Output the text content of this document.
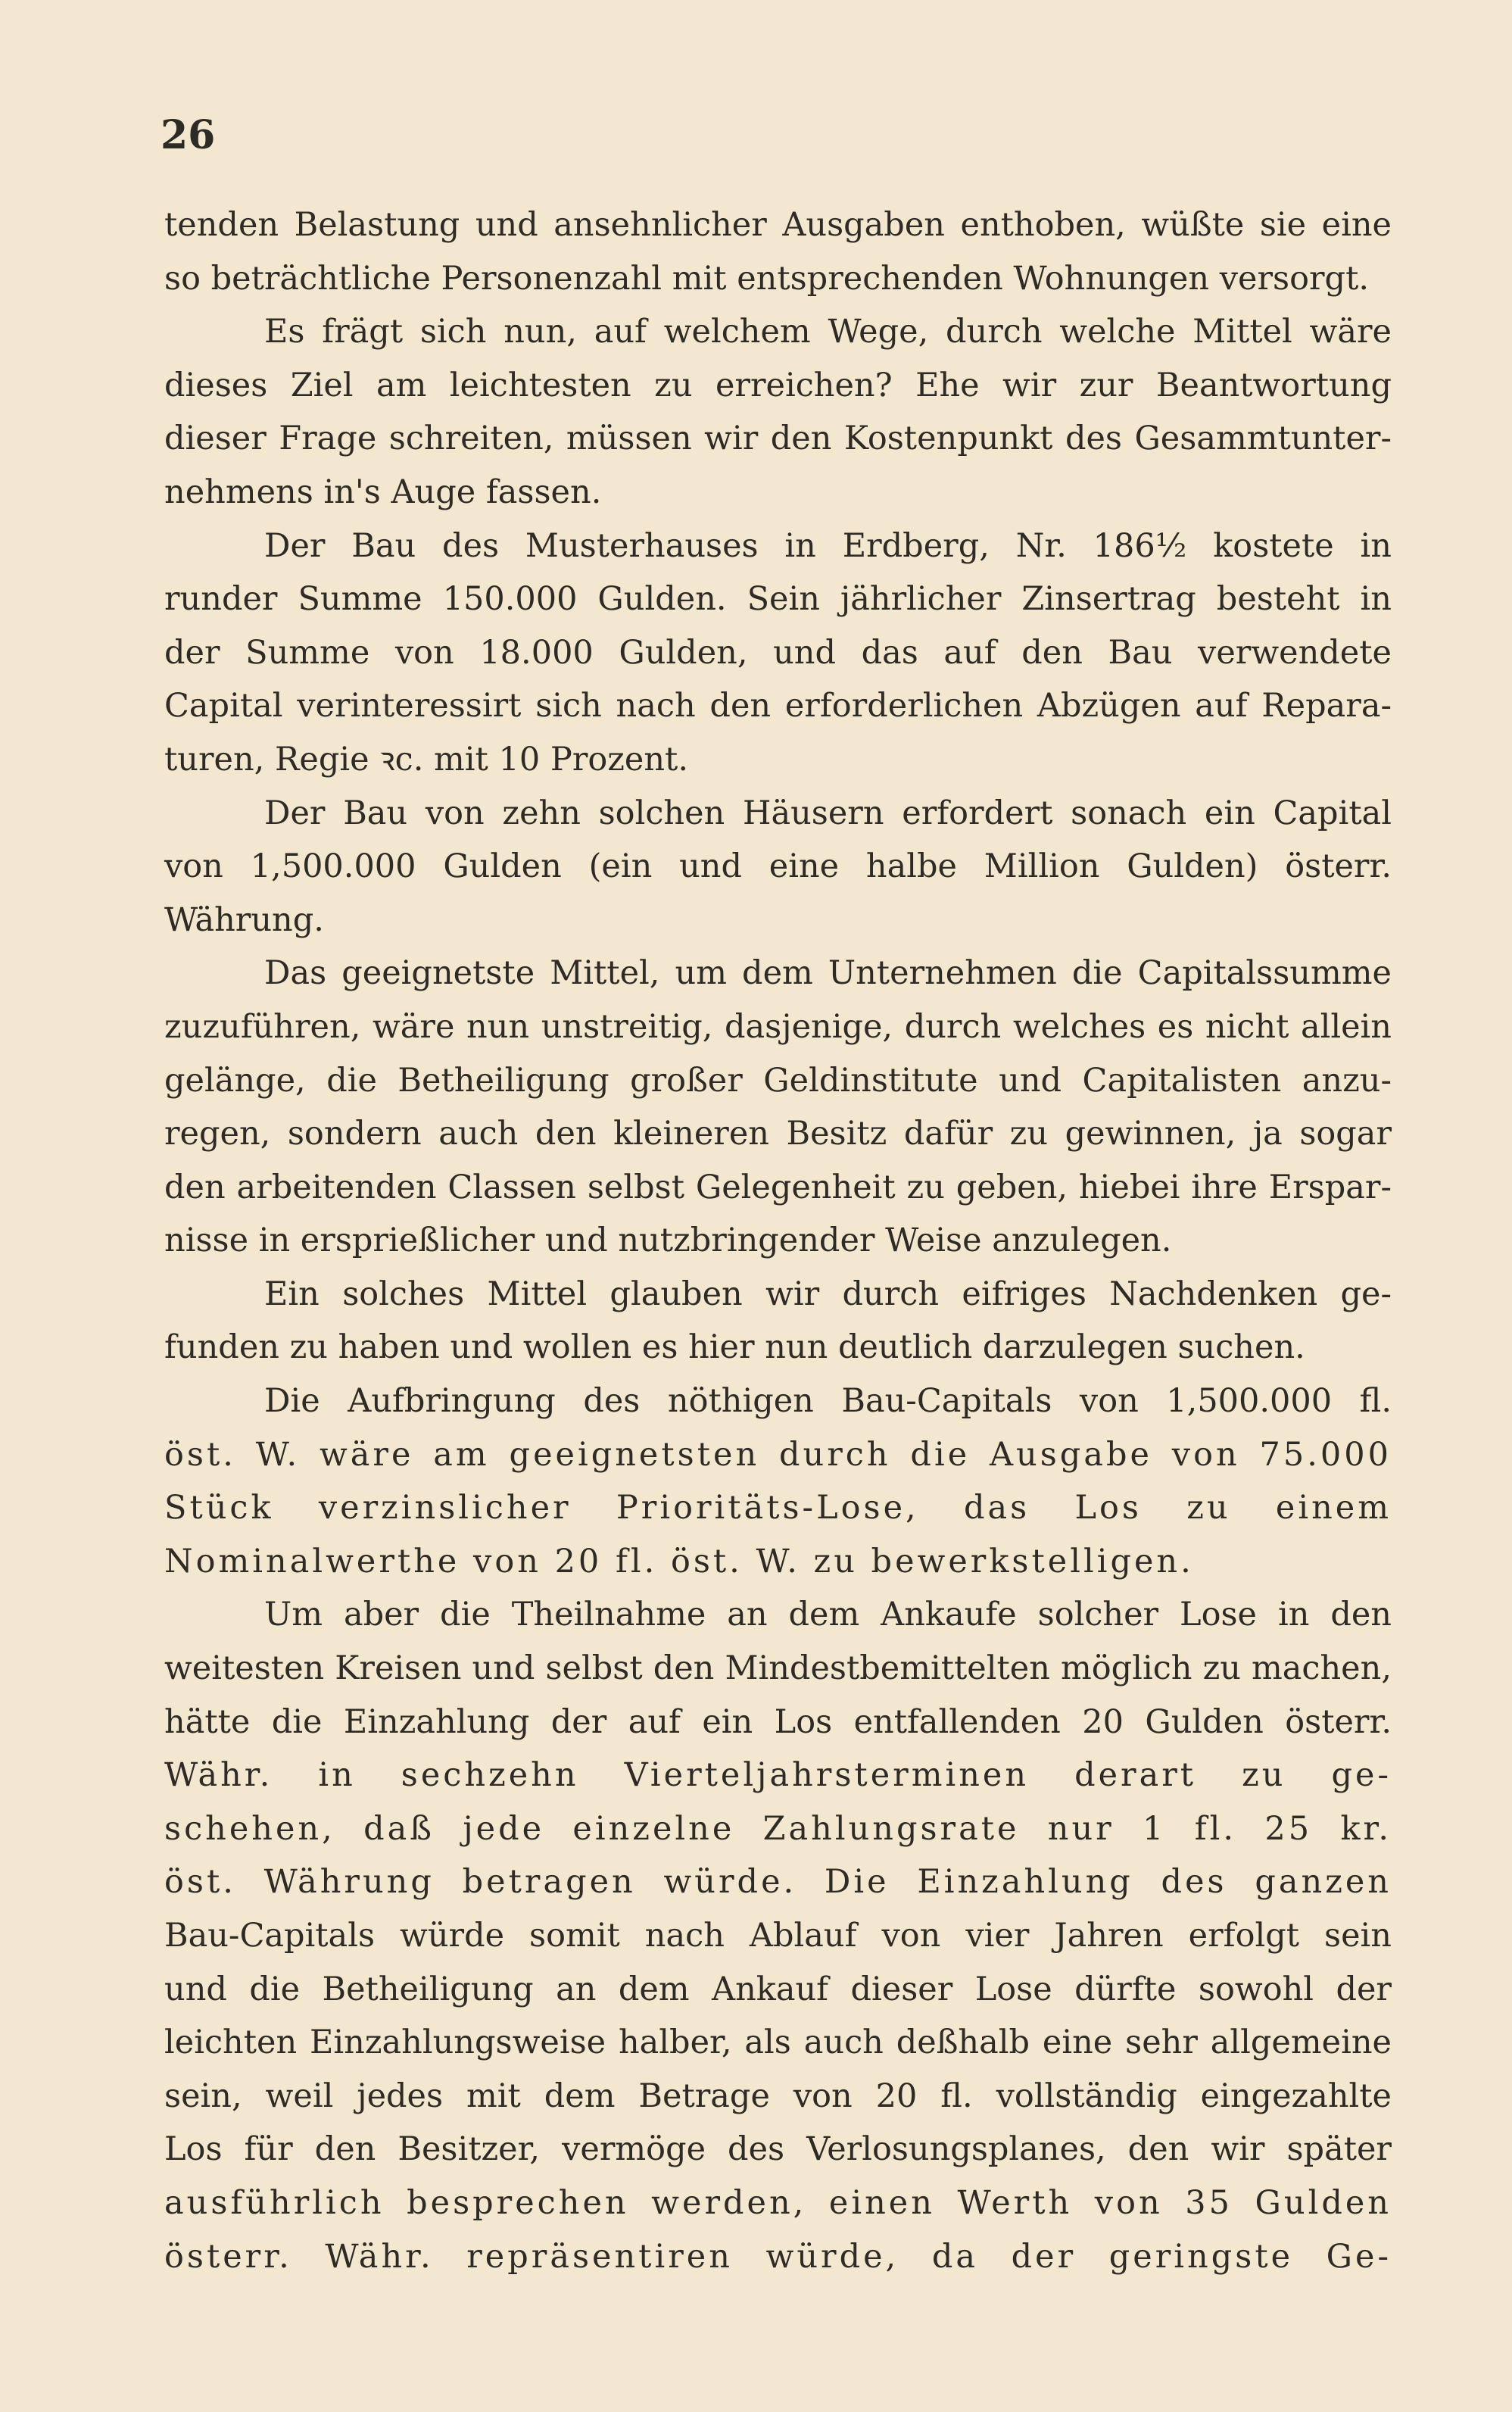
26
tenden Belastung und ansehnlicher Ausgaben enthoben, wüßte sie eine
so beträchtliche Personenzahl mit entsprechenden Wohnungen versorgt.
Es frägt sich nun, auf welchem Wege, durch welche Mittel wäre
dieses Ziel am leichtesten zu erreichen? Ehe wir zur Beantwortung
dieser Frage schreiten, müssen wir den Kostenpunkt des Gesammtunter-
nehmens in's Auge fassen.
Der Bau des Musterhauses in Erdberg, Nr. 186½ kostete in
runder Summe 150.000 Gulden. Sein jährlicher Zinsertrag besteht in
der Summe von 18.000 Gulden, und das auf den Bau verwendete
Capital verinteressirt sich nach den erforderlichen Abzügen auf Repara-
turen, Regie ꝛc. mit 10 Prozent.
Der Bau von zehn solchen Häusern erfordert sonach ein Capital
von 1,500.000 Gulden (ein und eine halbe Million Gulden) österr.
Währung.
Das geeignetste Mittel, um dem Unternehmen die Capitalssumme
zuzuführen, wäre nun unstreitig, dasjenige, durch welches es nicht allein
gelänge, die Betheiligung großer Geldinstitute und Capitalisten anzu-
regen, sondern auch den kleineren Besitz dafür zu gewinnen, ja sogar
den arbeitenden Classen selbst Gelegenheit zu geben, hiebei ihre Erspar-
nisse in ersprießlicher und nutzbringender Weise anzulegen.
Ein solches Mittel glauben wir durch eifriges Nachdenken ge-
funden zu haben und wollen es hier nun deutlich darzulegen suchen.
Die Aufbringung des nöthigen Bau-Capitals von 1,500.000 fl.
öst. W. wäre am geeignetsten durch die Ausgabe von 75.000
Stück verzinslicher Prioritäts-Lose, das Los zu einem
Nominalwerthe von 20 fl. öst. W. zu bewerkstelligen.
Um aber die Theilnahme an dem Ankaufe solcher Lose in den
weitesten Kreisen und selbst den Mindestbemittelten möglich zu machen,
hätte die Einzahlung der auf ein Los entfallenden 20 Gulden österr.
Währ. in sechzehn Vierteljahrsterminen derart zu ge-
schehen, daß jede einzelne Zahlungsrate nur 1 fl. 25 kr.
öst. Währung betragen würde. Die Einzahlung des ganzen
Bau-Capitals würde somit nach Ablauf von vier Jahren erfolgt sein
und die Betheiligung an dem Ankauf dieser Lose dürfte sowohl der
leichten Einzahlungsweise halber, als auch deßhalb eine sehr allgemeine
sein, weil jedes mit dem Betrage von 20 fl. vollständig eingezahlte
Los für den Besitzer, vermöge des Verlosungsplanes, den wir später
ausführlich besprechen werden, einen Werth von 35 Gulden
österr. Währ. repräsentiren würde, da der geringste Ge-
